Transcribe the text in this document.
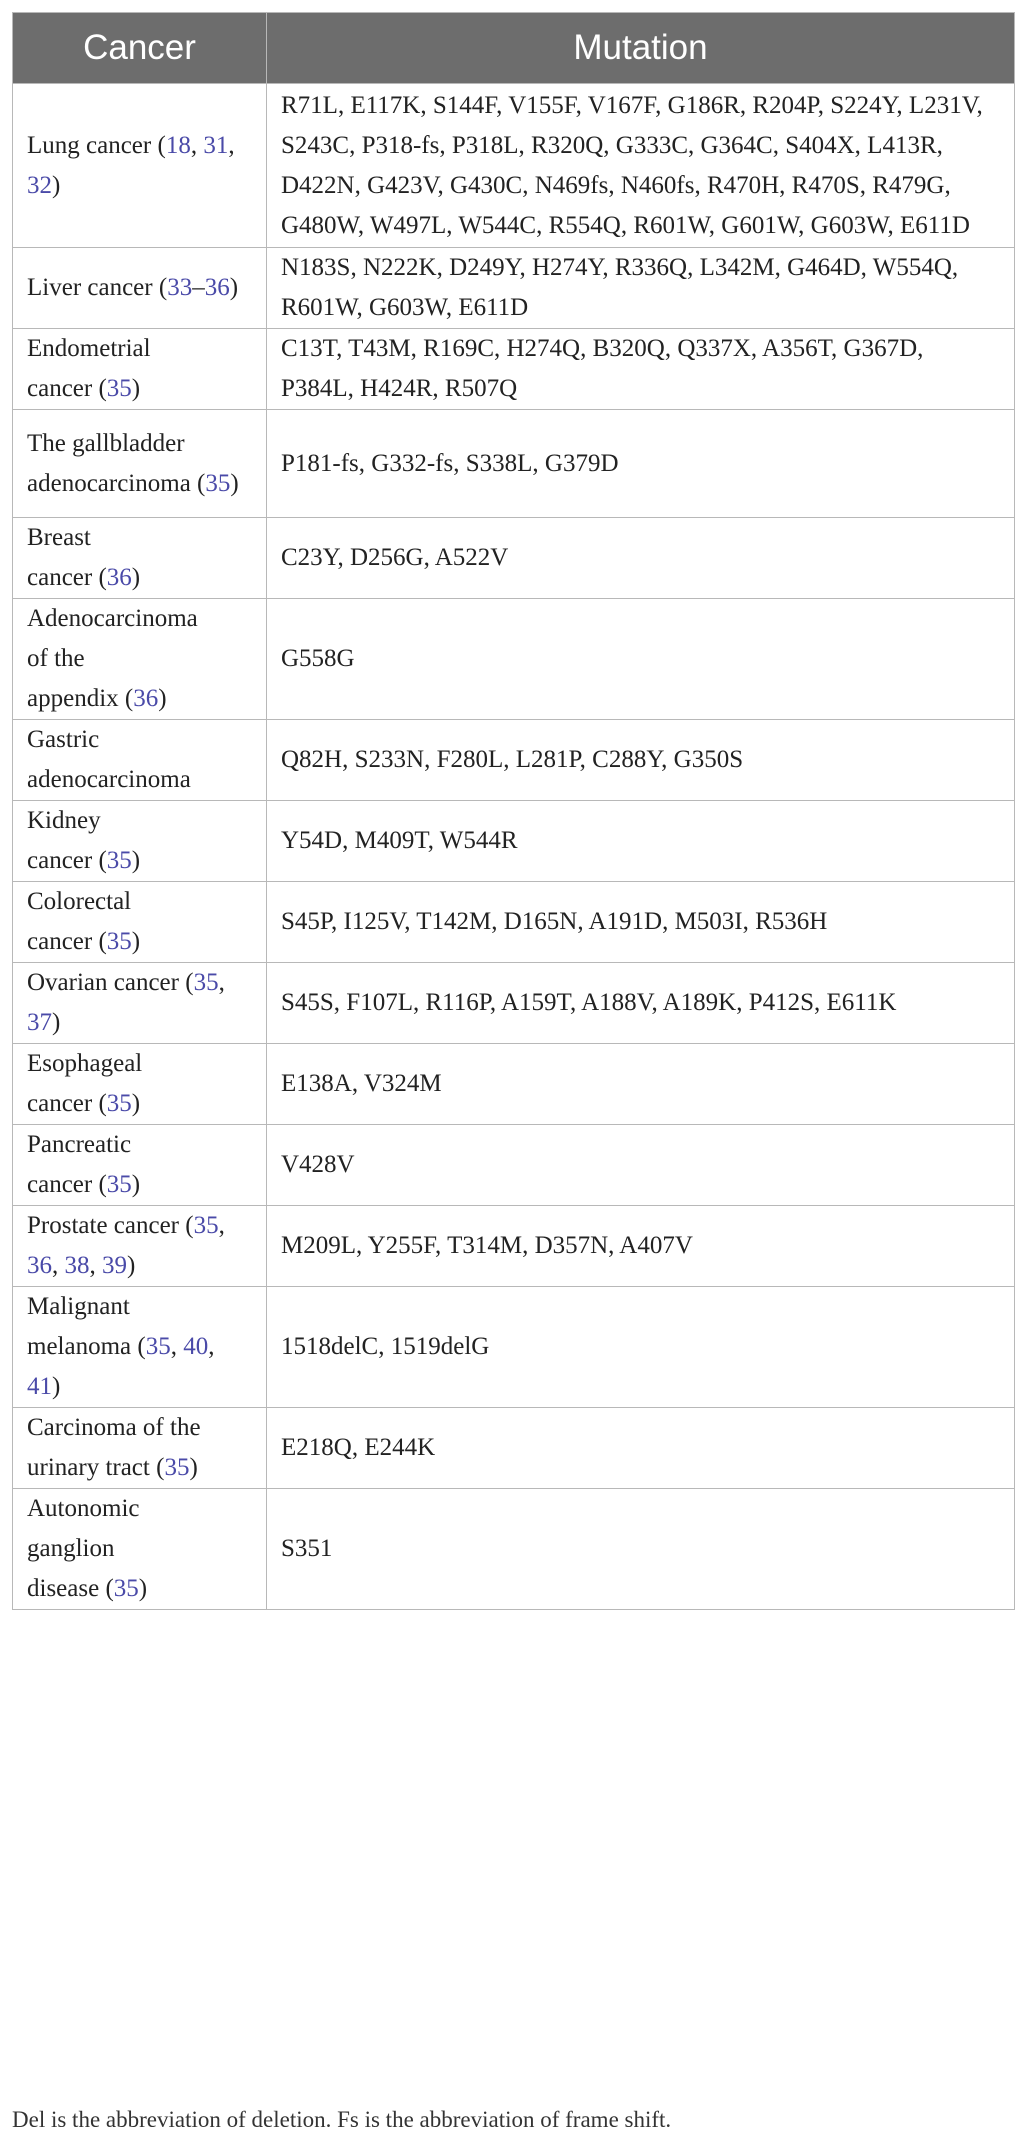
Cancer	Mutation
Lung cancer (18, 31, 32)	R71L, E117K, S144F, V155F, V167F, G186R, R204P, S224Y, L231V, S243C, P318-fs, P318L, R320Q, G333C, G364C, S404X, L413R, D422N, G423V, G430C, N469fs, N460fs, R470H, R470S, R479G, G480W, W497L, W544C, R554Q, R601W, G601W, G603W, E611D
Liver cancer (33–36)	N183S, N222K, D249Y, H274Y, R336Q, L342M, G464D, W554Q, R601W, G603W, E611D
Endometrial
cancer (35)	C13T, T43M, R169C, H274Q, B320Q, Q337X, A356T, G367D, P384L, H424R, R507Q
The gallbladder
adenocarcinoma (35)	P181-fs, G332-fs, S338L, G379D
Breast
cancer (36)	C23Y, D256G, A522V
Adenocarcinoma
of the
appendix (36)	G558G
Gastric
adenocarcinoma	Q82H, S233N, F280L, L281P, C288Y, G350S
Kidney
cancer (35)	Y54D, M409T, W544R
Colorectal
cancer (35)	S45P, I125V, T142M, D165N, A191D, M503I, R536H
Ovarian cancer (35, 37)	S45S, F107L, R116P, A159T, A188V, A189K, P412S, E611K
Esophageal
cancer (35)	E138A, V324M
Pancreatic
cancer (35)	V428V
Prostate cancer (35, 36, 38, 39)	M209L, Y255F, T314M, D357N, A407V
Malignant
melanoma (35, 40, 41)	1518delC, 1519delG
Carcinoma of the
urinary tract (35)	E218Q, E244K
Autonomic
ganglion
disease (35)	S351
Del is the abbreviation of deletion. Fs is the abbreviation of frame shift.
